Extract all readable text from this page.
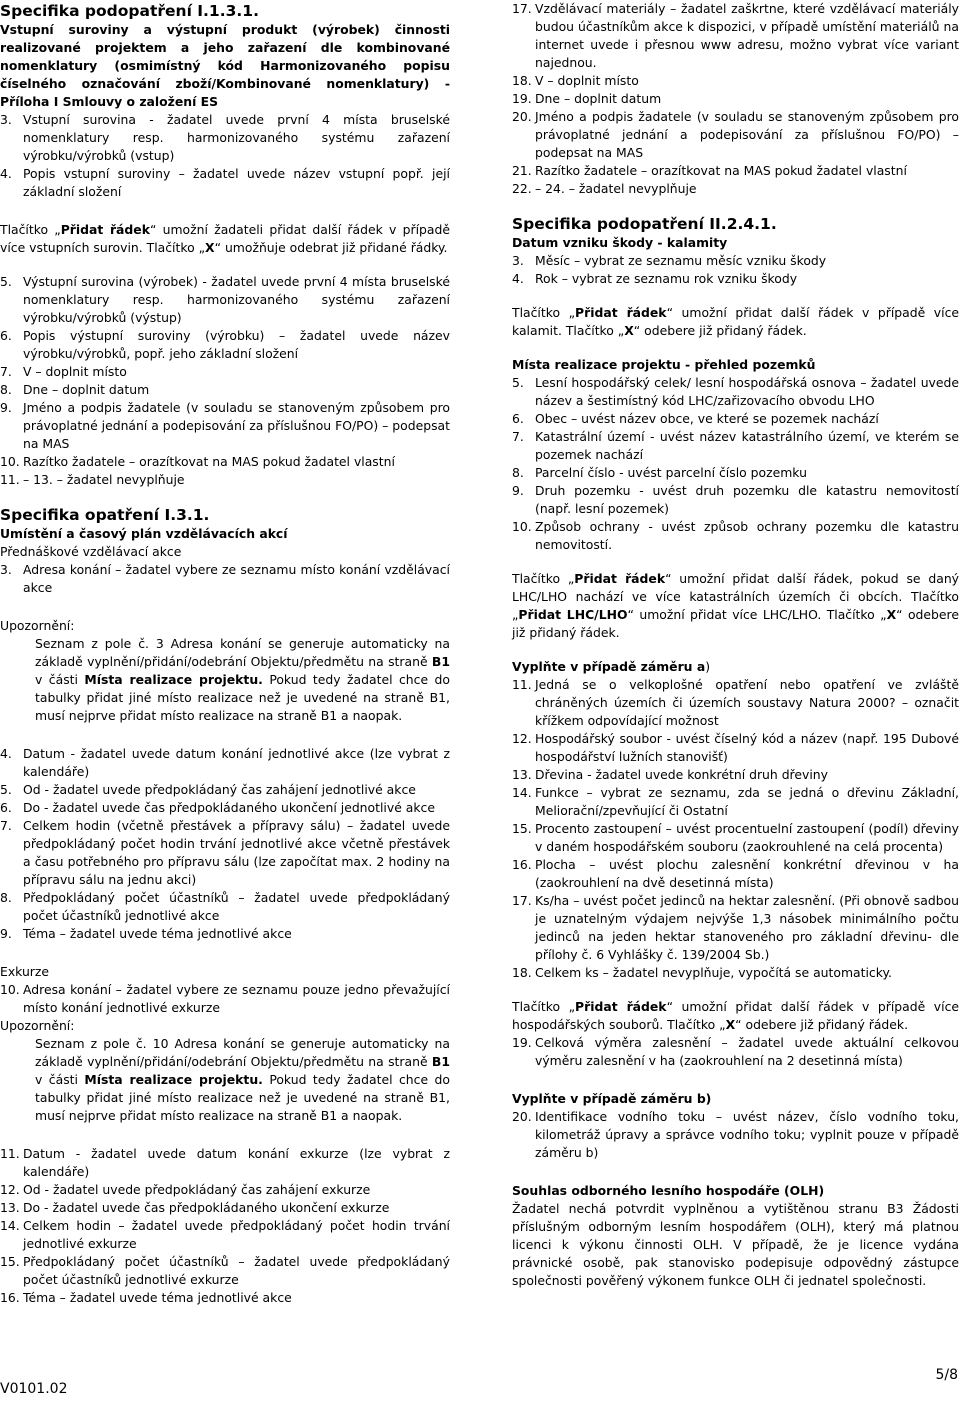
Specifika podopatření I.1.3.1.
Vstupní suroviny a výstupní produkt (výrobek) činnosti realizované projektem a jeho zařazení dle kombinované nomenklatury (osmimístný kód Harmonizovaného popisu číselného označování zboží/Kombinované nomenklatury) - Příloha I Smlouvy o založení ES
3. Vstupní surovina - žadatel uvede první 4 místa bruselské nomenklatury resp. harmonizovaného systému zařazení výrobku/výrobků (vstup)
4. Popis vstupní suroviny – žadatel uvede název vstupní popř. její základní složení

Tlačítko „Přidat řádek“ umožní žadateli přidat další řádek v případě více vstupních surovin. Tlačítko „X“ umožňuje odebrat již přidané řádky.

5. Výstupní surovina (výrobek) - žadatel uvede první 4 místa bruselské nomenklatury resp. harmonizovaného systému zařazení výrobku/výrobků (výstup)
6. Popis výstupní suroviny (výrobku) – žadatel uvede název výrobku/výrobků, popř. jeho základní složení
7. V – doplnit místo
8. Dne – doplnit datum
9. Jméno a podpis žadatele (v souladu se stanoveným způsobem pro právoplatné jednání a podepisování za příslušnou FO/PO) – podepsat na MAS
10. Razítko žadatele – orazítkovat na MAS pokud žadatel vlastní
11. – 13. – žadatel nevyplňuje
Specifika opatření I.3.1.
Umístění a časový plán vzdělávacích akcí
Přednáškové vzdělávací akce
3. Adresa konání – žadatel vybere ze seznamu místo konání vzdělávací akce
Upozornění:

Seznam z pole č. 3 Adresa konání se generuje automaticky na základě vyplnění/přidání/odebrání Objektu/předmětu na straně B1 v části Místa realizace projektu. Pokud tedy žadatel chce do tabulky přidat jiné místo realizace než je uvedené na straně B1, musí nejprve přidat místo realizace na straně B1 a naopak.

4. Datum - žadatel uvede datum konání jednotlivé akce (lze vybrat z kalendáře)
5. Od - žadatel uvede předpokládaný čas zahájení jednotlivé akce
6. Do - žadatel uvede čas předpokládaného ukončení jednotlivé akce
7. Celkem hodin (včetně přestávek a přípravy sálu) – žadatel uvede předpokládaný počet hodin trvání jednotlivé akce včetně přestávek a času potřebného pro přípravu sálu (lze započítat max. 2 hodiny na přípravu sálu na jednu akci)
8. Předpokládaný počet účastníků – žadatel uvede předpokládaný počet účastníků jednotlivé akce
9. Téma – žadatel uvede téma jednotlivé akce
Exkurze
10. Adresa konání – žadatel vybere ze seznamu pouze jedno převažující místo konání jednotlivé exkurze
Upozornění:

Seznam z pole č. 10 Adresa konání se generuje automaticky na základě vyplnění/přidání/odebrání Objektu/předmětu na straně B1 v části Místa realizace projektu. Pokud tedy žadatel chce do tabulky přidat jiné místo realizace než je uvedené na straně B1, musí nejprve přidat místo realizace na straně B1 a naopak.

11. Datum - žadatel uvede datum konání exkurze (lze vybrat z kalendáře)
12. Od - žadatel uvede předpokládaný čas zahájení exkurze
13. Do - žadatel uvede čas předpokládaného ukončení exkurze
14. Celkem hodin – žadatel uvede předpokládaný počet hodin trvání jednotlivé exkurze
15. Předpokládaný počet účastníků – žadatel uvede předpokládaný počet účastníků jednotlivé exkurze
16. Téma – žadatel uvede téma jednotlivé akce
17. Vzdělávací materiály – žadatel zaškrtne, které vzdělávací materiály budou účastníkům akce k dispozici, v případě umístění materiálů na internet uvede i přesnou www adresu, možno vybrat více variant najednou.
18. V – doplnit místo
19. Dne – doplnit datum
20. Jméno a podpis žadatele (v souladu se stanoveným způsobem pro právoplatné jednání a podepisování za příslušnou FO/PO) – podepsat na MAS
21. Razítko žadatele – orazítkovat na MAS pokud žadatel vlastní
22. – 24. – žadatel nevyplňuje
Specifika podopatření II.2.4.1.
Datum vzniku škody - kalamity
3. Měsíc – vybrat ze seznamu měsíc vzniku škody
4. Rok – vybrat ze seznamu rok vzniku škody

Tlačítko „Přidat řádek“ umožní přidat další řádek v případě více kalamit. Tlačítko „X“ odebere již přidaný řádek.

Místa realizace projektu - přehled pozemků
5. Lesní hospodářský celek/ lesní hospodářská osnova – žadatel uvede název a šestimístný kód LHC/zařizovacího obvodu LHO
6. Obec – uvést název obce, ve které se pozemek nachází
7. Katastrální území - uvést název katastrálního území, ve kterém se pozemek nachází
8. Parcelní číslo - uvést parcelní číslo pozemku
9. Druh pozemku - uvést druh pozemku dle katastru nemovitostí (např. lesní pozemek)
10. Způsob ochrany - uvést způsob ochrany pozemku dle katastru nemovitostí.

Tlačítko „Přidat řádek“ umožní přidat další řádek, pokud se daný LHC/LHO nachází ve více katastrálních územích či obcích. Tlačítko „Přidat LHC/LHO“ umožní přidat více LHC/LHO. Tlačítko „X“ odebere již přidaný řádek.

Vyplňte v případě záměru a)
11. Jedná se o velkoplošné opatření nebo opatření ve zvláště chráněných územích či územích soustavy Natura 2000? – označit křížkem odpovídající možnost
12. Hospodářský soubor - uvést číselný kód a název (např. 195 Dubové hospodářství lužních stanovišť)
13. Dřevina - žadatel uvede konkrétní druh dřeviny
14. Funkce – vybrat ze seznamu, zda se jedná o dřevinu Základní, Meliorační/zpevňující či Ostatní
15. Procento zastoupení – uvést procentuelní zastoupení (podíl) dřeviny v daném hospodářském souboru (zaokrouhlené na celá procenta)
16. Plocha – uvést plochu zalesnění konkrétní dřevinou v ha (zaokrouhlení na dvě desetinná místa)
17. Ks/ha – uvést počet jedinců na hektar zalesnění. (Při obnově sadbou je uznatelným výdajem nejvýše 1,3 násobek minimálního počtu jedinců na jeden hektar stanoveného pro základní dřevinu- dle přílohy č. 6 Vyhlášky č. 139/2004 Sb.)
18. Celkem ks – žadatel nevyplňuje, vypočítá se automaticky.

Tlačítko „Přidat řádek“ umožní přidat další řádek v případě více hospodářských souborů. Tlačítko „X“ odebere již přidaný řádek.

19. Celková výměra zalesnění – žadatel uvede aktuální celkovou výměru zalesnění v ha (zaokrouhlení na 2 desetinná místa)
Vyplňte v případě záměru b)
20. Identifikace vodního toku – uvést název, číslo vodního toku, kilometráž úpravy a správce vodního toku; vyplnit pouze v případě záměru b)
Souhlas odborného lesního hospodáře (OLH)

Žadatel nechá potvrdit vyplněnou a vytištěnou stranu B3 Žádosti příslušným odborným lesním hospodářem (OLH), který má platnou licenci k výkonu činnosti OLH. V případě, že je licence vydána právnické osobě, pak stanovisko podepisuje odpovědný zástupce společnosti pověřený výkonem funkce OLH či jednatel společnosti.

V0101.02
5/8
